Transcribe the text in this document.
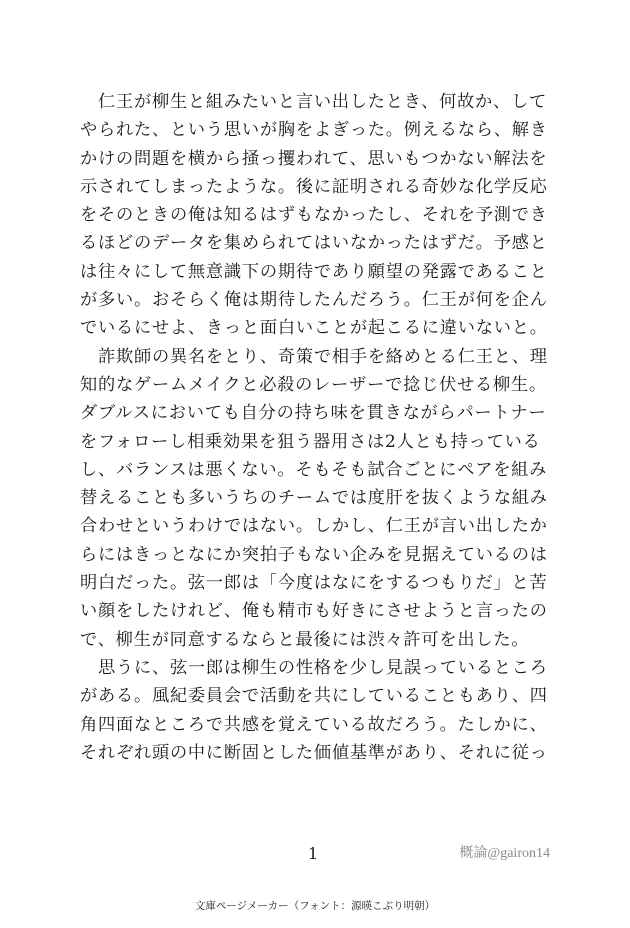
　仁王が柳生と組みたいと言い出したとき、何故か、して
やられた、という思いが胸をよぎった。例えるなら、解き
かけの問題を横から掻っ攫われて、思いもつかない解法を
示されてしまったような。後に証明される奇妙な化学反応
をそのときの俺は知るはずもなかったし、それを予測でき
るほどのデータを集められてはいなかったはずだ。予感と
は往々にして無意識下の期待であり願望の発露であること
が多い。おそらく俺は期待したんだろう。仁王が何を企ん
でいるにせよ、きっと面白いことが起こるに違いないと。
　詐欺師の異名をとり、奇策で相手を絡めとる仁王と、理
知的なゲームメイクと必殺のレーザーで捻じ伏せる柳生。
ダブルスにおいても自分の持ち味を貫きながらパートナー
をフォローし相乗効果を狙う器用さは2人とも持っている
し、バランスは悪くない。そもそも試合ごとにペアを組み
替えることも多いうちのチームでは度肝を抜くような組み
合わせというわけではない。しかし、仁王が言い出したか
らにはきっとなにか突拍子もない企みを見据えているのは
明白だった。弦一郎は「今度はなにをするつもりだ」と苦
い顔をしたけれど、俺も精市も好きにさせようと言ったの
で、柳生が同意するならと最後には渋々許可を出した。
　思うに、弦一郎は柳生の性格を少し見誤っているところ
がある。風紀委員会で活動を共にしていることもあり、四
角四面なところで共感を覚えている故だろう。たしかに、
それぞれ頭の中に断固とした価値基準があり、それに従っ
1	概論@gairon14
文庫ページメーカー（フォント：源暎こぶり明朝）
